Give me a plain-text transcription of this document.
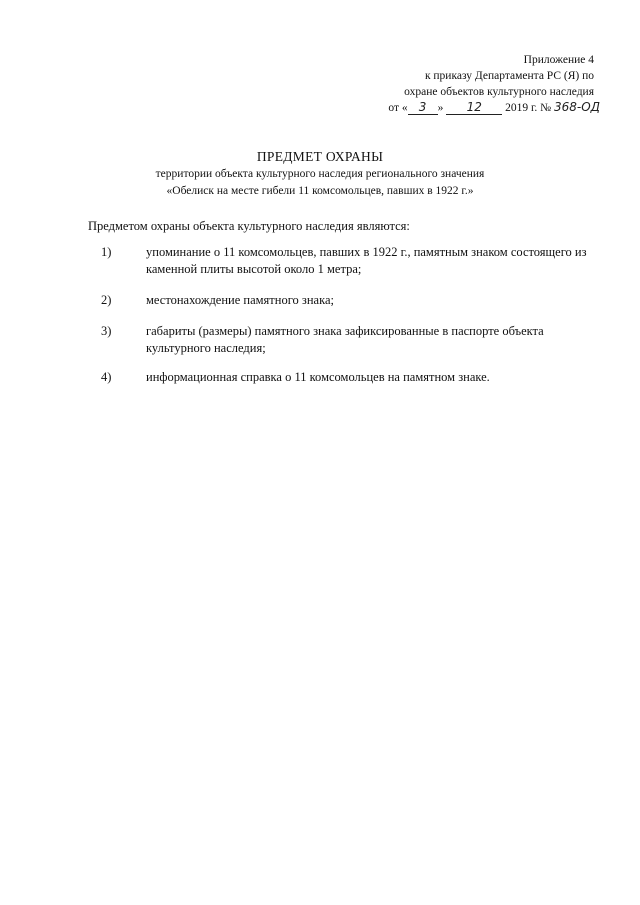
Приложение 4
к приказу Департамента РС (Я) по
охране объектов культурного наследия
от « 3 » 12 2019 г. № 368-ОД
ПРЕДМЕТ ОХРАНЫ
территории объекта культурного наследия регионального значения
«Обелиск на месте гибели 11 комсомольцев, павших в 1922 г.»
Предметом охраны объекта культурного наследия являются:
1)	упоминание о 11 комсомольцев, павших в 1922 г., памятным знаком состоящего из каменной плиты высотой около 1 метра;
2)	местонахождение памятного знака;
3)	габариты (размеры) памятного знака зафиксированные в паспорте объекта культурного наследия;
4)	информационная справка о 11 комсомольцев на памятном знаке.
